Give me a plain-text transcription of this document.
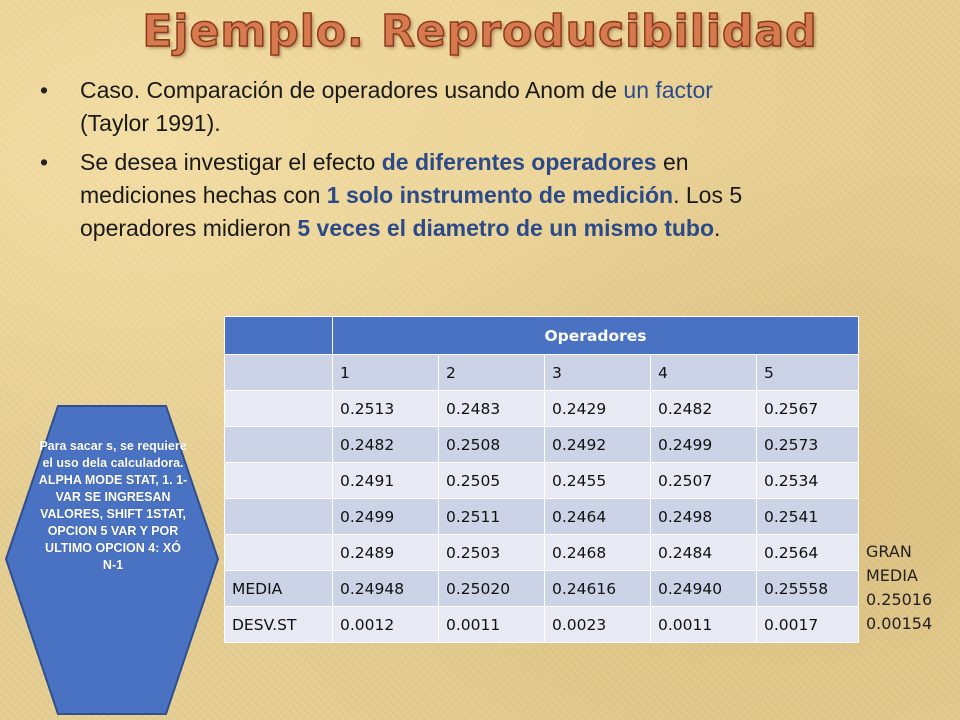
Ejemplo. Reproducibilidad
• Caso. Comparación de operadores usando Anom de un factor (Taylor 1991).
• Se desea investigar el efecto de diferentes operadores en mediciones hechas con 1 solo instrumento de medición. Los 5 operadores midieron 5 veces el diametro de un mismo tubo.
	Operadores				
	1	2	3	4	5
	0.2513	0.2483	0.2429	0.2482	0.2567
	0.2482	0.2508	0.2492	0.2499	0.2573
	0.2491	0.2505	0.2455	0.2507	0.2534
	0.2499	0.2511	0.2464	0.2498	0.2541
	0.2489	0.2503	0.2468	0.2484	0.2564
MEDIA	0.24948	0.25020	0.24616	0.24940	0.25558
DESV.ST	0.0012	0.0011	0.0023	0.0011	0.0017
GRAN
MEDIA
0.25016
0.00154
Para sacar s, se requiere el uso dela calculadora. ALPHA MODE STAT, 1. 1-VAR SE INGRESAN VALORES, SHIFT 1STAT, OPCION 5 VAR Y POR ULTIMO OPCION 4: XÓ N-1
